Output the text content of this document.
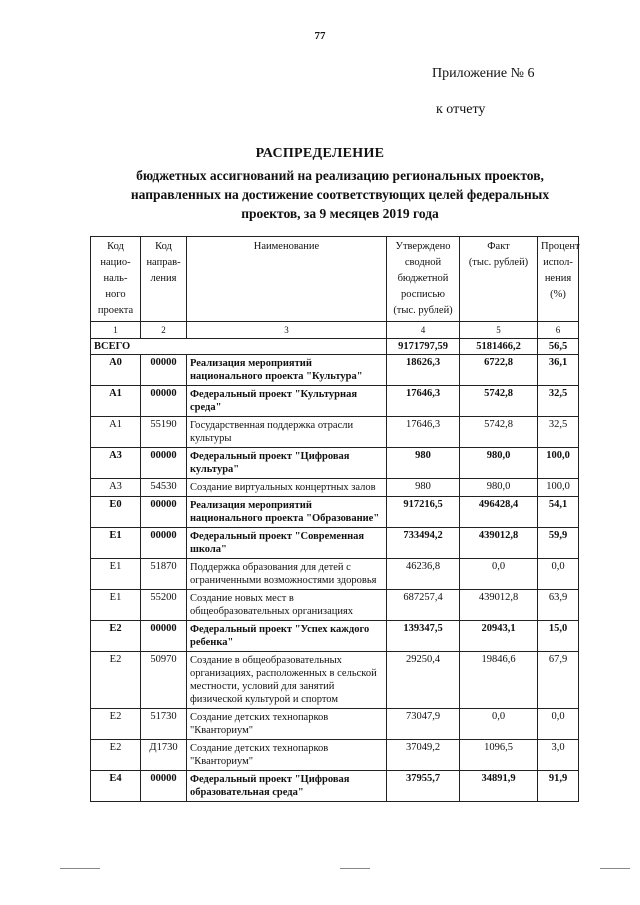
77
Приложение № 6
к отчету
РАСПРЕДЕЛЕНИЕ
бюджетных ассигнований на реализацию региональных проектов, направленных на достижение соответствующих целей федеральных проектов, за 9 месяцев 2019 года
Код
нацио-
наль-
ного
проекта	Код
направ-
ления	Наименование	Утверждено
сводной
бюджетной
росписью
(тыс. рублей)	Факт
(тыс. рублей)	Процент
испол-
нения
(%)
1	2	3	4	5	6
ВСЕГО			9171797,59	5181466,2	56,5
А0	00000	Реализация мероприятий национального проекта "Культура"	18626,3	6722,8	36,1
А1	00000	Федеральный проект "Культурная среда"	17646,3	5742,8	32,5
А1	55190	Государственная поддержка отрасли культуры	17646,3	5742,8	32,5
А3	00000	Федеральный проект "Цифровая культура"	980	980,0	100,0
А3	54530	Создание виртуальных концертных залов	980	980,0	100,0
Е0	00000	Реализация мероприятий национального проекта "Образование"	917216,5	496428,4	54,1
Е1	00000	Федеральный проект "Современная школа"	733494,2	439012,8	59,9
Е1	51870	Поддержка образования для детей с ограниченными возможностями здоровья	46236,8	0,0	0,0
Е1	55200	Создание новых мест в общеобразовательных организациях	687257,4	439012,8	63,9
Е2	00000	Федеральный проект "Успех каждого ребенка"	139347,5	20943,1	15,0
Е2	50970	Создание в общеобразовательных организациях, расположенных в сельской местности, условий для занятий физической культурой и спортом	29250,4	19846,6	67,9
Е2	51730	Создание детских технопарков "Кванториум"	73047,9	0,0	0,0
Е2	Д1730	Создание детских технопарков "Кванториум"	37049,2	1096,5	3,0
Е4	00000	Федеральный проект "Цифровая образовательная среда"	37955,7	34891,9	91,9
